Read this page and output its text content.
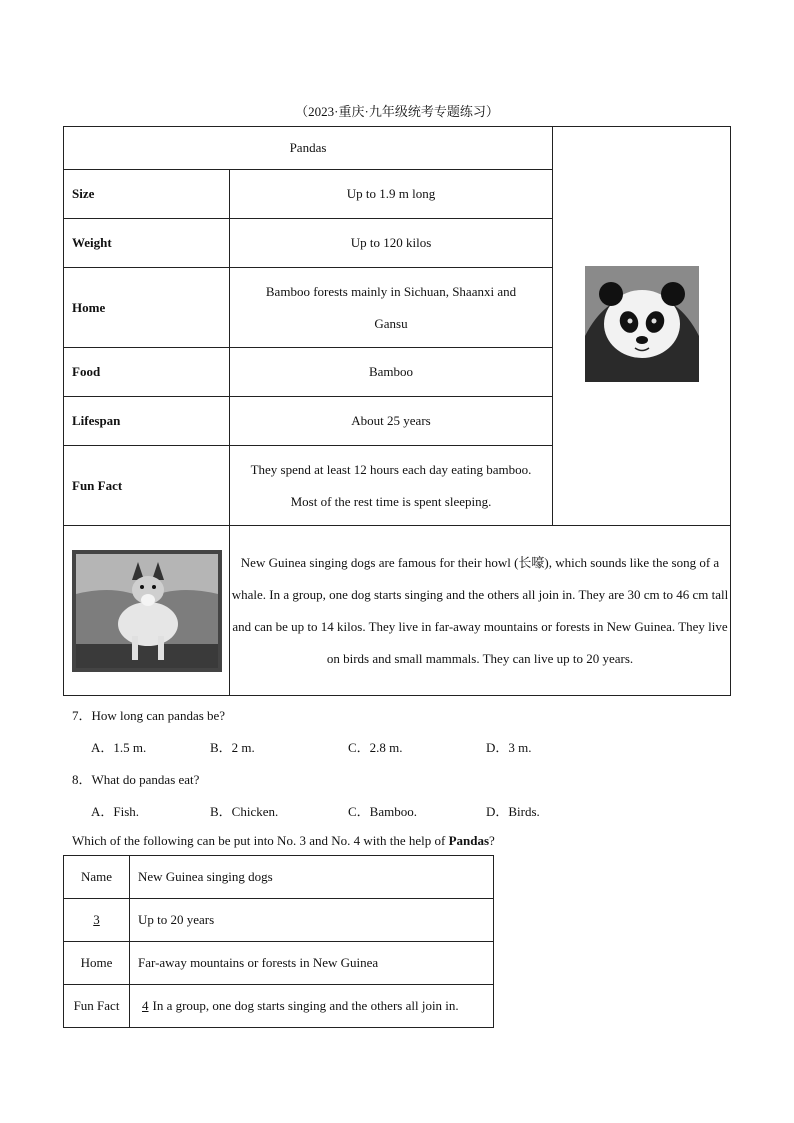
（2023·重庆·九年级统考专题练习）
Pandas	
Size	Up to 1.9 m long	
Weight	Up to 120 kilos	
Home	Bamboo forests mainly in Sichuan, Shaanxi and Gansu	
Food	Bamboo	
Lifespan	About 25 years	
Fun Fact	They spend at least 12 hours each day eating bamboo. Most of the rest time is spent sleeping.	
	New Guinea singing dogs are famous for their howl (长嚎), which sounds like the song of a whale. In a group, one dog starts singing and the others all join in. They are 30 cm to 46 cm tall and can be up to 14 kilos. They live in far-away mountains or forests in New Guinea. They live on birds and small mammals. They can live up to 20 years.	
7．How long can pandas be?
A．1.5 m.	B．2 m.	C．2.8 m.	D．3 m.
8．What do pandas eat?
A．Fish.	B．Chicken.	C．Bamboo.	D．Birds.
Which of the following can be put into No. 3 and No. 4 with the help of Pandas?
Name	New Guinea singing dogs
3	Up to 20 years
Home	Far-away mountains or forests in New Guinea
Fun Fact	4 In a group, one dog starts singing and the others all join in.
